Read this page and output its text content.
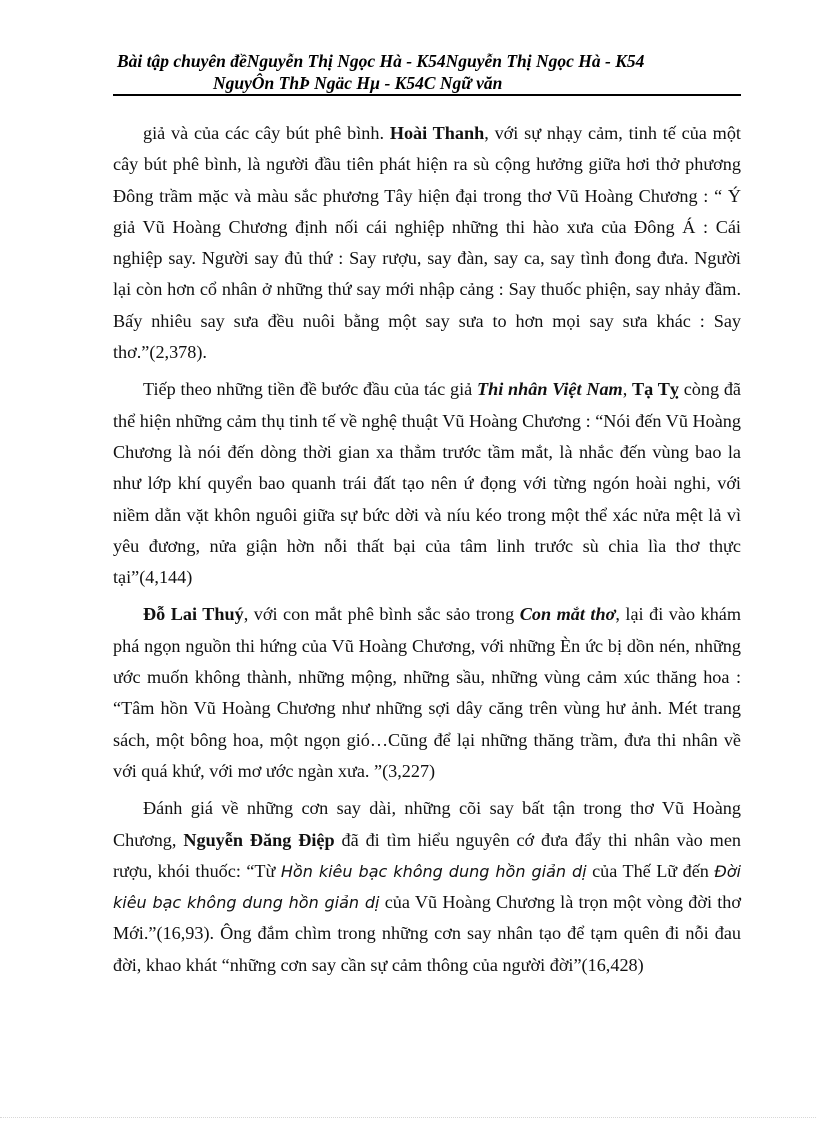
Bài tập chuyên đềNguyễn Thị Ngọc Hà - K54Nguyễn Thị Ngọc Hà - K54
NguyÔn ThÞ Ngäc Hµ - K54C Ngữ văn

giả và của các cây bút phê bình. Hoài Thanh, với sự nhạy cảm, tinh tế của một cây bút phê bình, là người đầu tiên phát hiện ra sù cộng hưởng giữa hơi thở phương Đông trầm mặc và màu sắc phương Tây hiện đại trong thơ Vũ Hoàng Chương : “ Ý giả Vũ Hoàng Chương định nối cái nghiệp những thi hào xưa của Đông Á : Cái nghiệp say. Người say đủ thứ : Say rượu, say đàn, say ca, say tình đong đưa. Người lại còn hơn cổ nhân ở những thứ say mới nhập cảng : Say thuốc phiện, say nhảy đầm. Bấy nhiêu say sưa đều nuôi bằng một say sưa to hơn mọi say sưa khác : Say thơ.”(2,378).

Tiếp theo những tiền đề bước đầu của tác giả Thi nhân Việt Nam, Tạ Tỵ còng đã thể hiện những cảm thụ tinh tế về nghệ thuật Vũ Hoàng Chương : “Nói đến Vũ Hoàng Chương là nói đến dòng thời gian xa thẳm trước tầm mắt, là nhắc đến vùng bao la như lớp khí quyển bao quanh trái đất tạo nên ứ đọng với từng ngón hoài nghi, với niềm dằn vặt khôn nguôi giữa sự bức dời và níu kéo trong một thể xác nửa mệt lả vì yêu đương, nửa giận hờn nỗi thất bại của tâm linh trước sù chia lìa thơ thực tại”(4,144)

Đỗ Lai Thuý, với con mắt phê bình sắc sảo trong Con mắt thơ, lại đi vào khám phá ngọn nguồn thi hứng của Vũ Hoàng Chương, với những Èn ức bị dồn nén, những ước muốn không thành, những mộng, những sầu, những vùng cảm xúc thăng hoa : “Tâm hồn Vũ Hoàng Chương như những sợi dây căng trên vùng hư ảnh. Mét trang sách, một bông hoa, một ngọn gió…Cũng để lại những thăng trầm, đưa thi nhân về với quá khứ, với mơ ước ngàn xưa. ”(3,227)

Đánh giá về những cơn say dài, những cõi say bất tận trong thơ Vũ Hoàng Chương, Nguyễn Đăng Điệp đã đi tìm hiểu nguyên cớ đưa đẩy thi nhân vào men rượu, khói thuốc: “Từ Hồn kiêu bạc không dung hồn giản dị của Thế Lữ đến Đời kiêu bạc không dung hồn giản dị của Vũ Hoàng Chương là trọn một vòng đời thơ Mới.”(16,93). Ông đắm chìm trong những cơn say nhân tạo để tạm quên đi nỗi đau đời, khao khát “những cơn say cần sự cảm thông của người đời”(16,428)
